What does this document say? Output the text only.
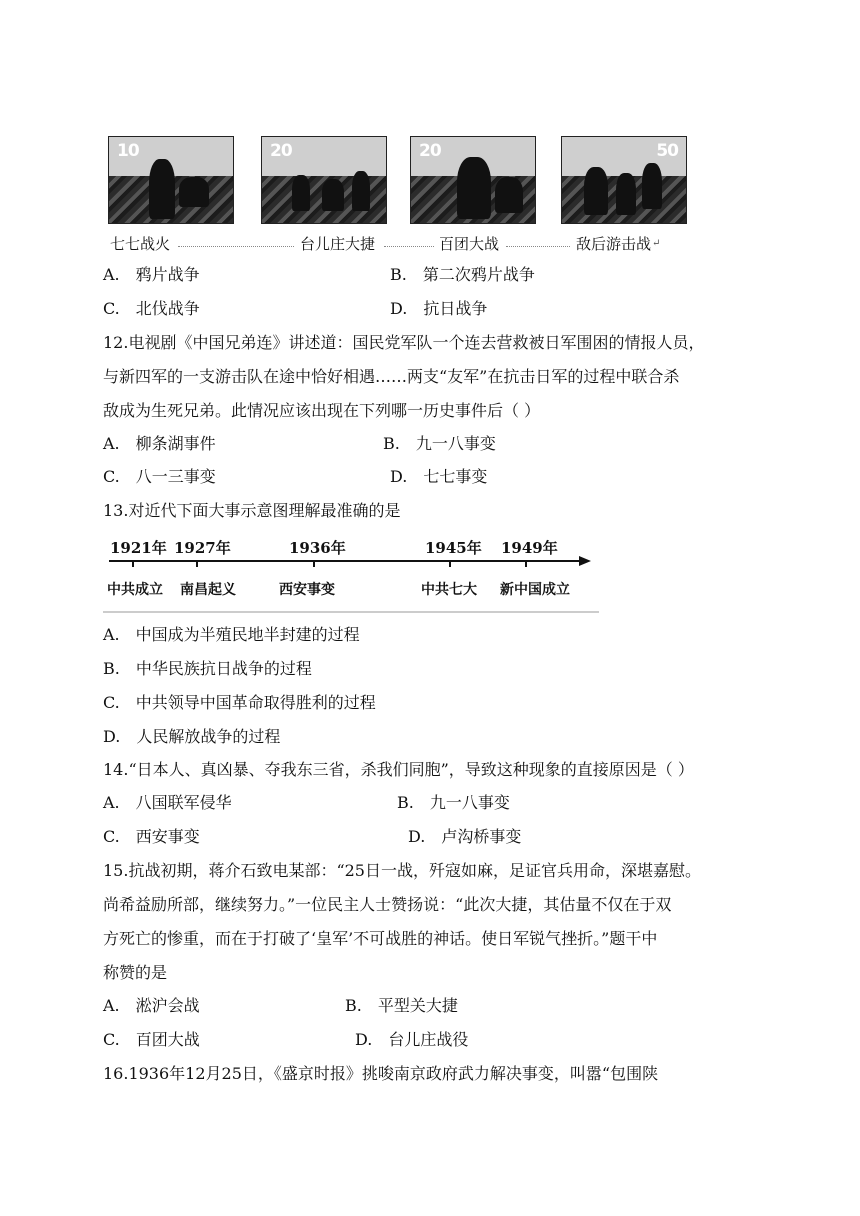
10	20	20	50
七七战火	台儿庄大捷	百团大战	敌后游击战 ↵
A.　鸦片战争	B.　第二次鸦片战争
C.　北伐战争	D.　抗日战争
12.电视剧《中国兄弟连》讲述道：国民党军队一个连去营救被日军围困的情报人员，
与新四军的一支游击队在途中恰好相遇……两支“友军”在抗击日军的过程中联合杀
敌成为生死兄弟。此情况应该出现在下列哪一历史事件后（ ）
A.　柳条湖事件	B.　九一八事变
C.　八一三事变	D.　七七事变
13.对近代下面大事示意图理解最准确的是
1921年 1927年	1936年	1945年 1949年
中共成立 南昌起义	西安事变	中共七大 新中国成立
A.　中国成为半殖民地半封建的过程
B.　中华民族抗日战争的过程
C.　中共领导中国革命取得胜利的过程
D.　人民解放战争的过程
14.“日本人、真凶暴、夺我东三省，杀我们同胞”，导致这种现象的直接原因是（ ）
A.　八国联军侵华	B.　九一八事变
C.　西安事变	D.　卢沟桥事变
15.抗战初期，蒋介石致电某部：“25日一战，歼寇如麻，足证官兵用命，深堪嘉慰。
尚希益励所部，继续努力。”一位民主人士赞扬说：“此次大捷，其估量不仅在于双
方死亡的惨重，而在于打破了‘皇军’不可战胜的神话。使日军锐气挫折。”题干中
称赞的是
A.　淞沪会战	B.　平型关大捷
C.　百团大战	D.　台儿庄战役
16.1936年12月25日，《盛京时报》挑唆南京政府武力解决事变，叫嚣“包围陕
